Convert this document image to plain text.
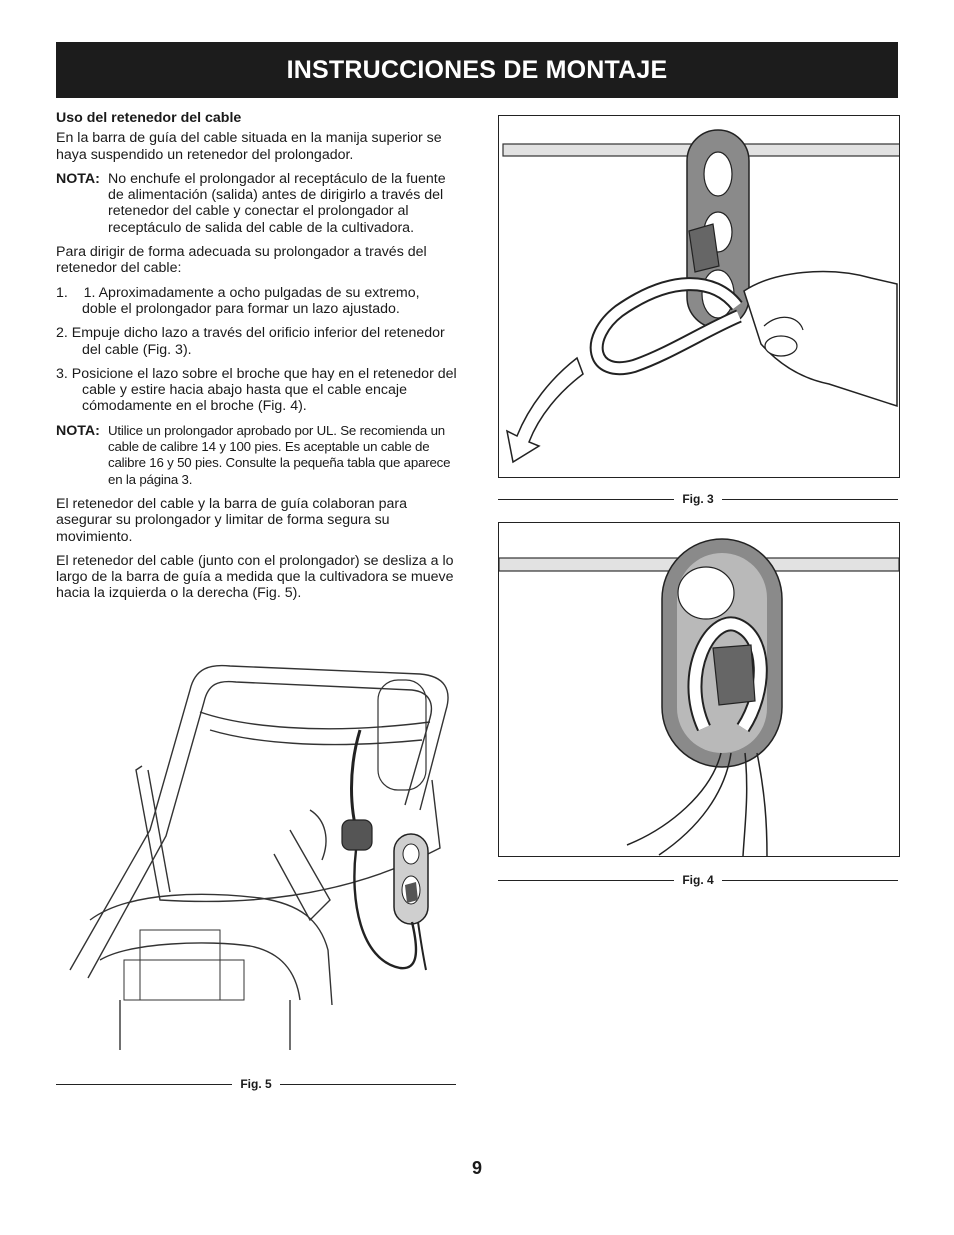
INSTRUCCIONES DE MONTAJE

Uso del retenedor del cable

En la barra de guía del cable situada en la manija superior se haya suspendido un retenedor del prolongador.

NOTA: No enchufe el prolongador al receptáculo de la fuente de alimentación (salida) antes de dirigirlo a través del retenedor del cable y conectar el prolongador al receptáculo de salida del cable de la cultivadora.

Para dirigir de forma adecuada su prolongador a través del retenedor del cable:

1.    1. Aproximadamente a ocho pulgadas de su extremo, doble el prolongador para formar un lazo ajustado.

2. Empuje dicho lazo a través del orificio inferior del retenedor del cable (Fig. 3).

3. Posicione el lazo sobre el broche que hay en el retenedor del cable y estire hacia abajo hasta que el cable encaje cómodamente en el broche (Fig. 4).

NOTA: Utilice un prolongador aprobado por UL. Se recomienda un cable de calibre 14 y 100 pies. Es aceptable un cable de calibre 16 y 50 pies. Consulte la pequeña tabla que aparece en la página 3.

El retenedor del cable y la barra de guía colaboran para asegurar su prolongador y limitar de forma segura su movimiento.

El retenedor del cable (junto con el prolongador) se desliza a lo largo de la barra de guía a medida que la cultivadora se mueve hacia la izquierda o la derecha (Fig. 5).

Fig. 3
Fig. 4
Fig. 5
9
